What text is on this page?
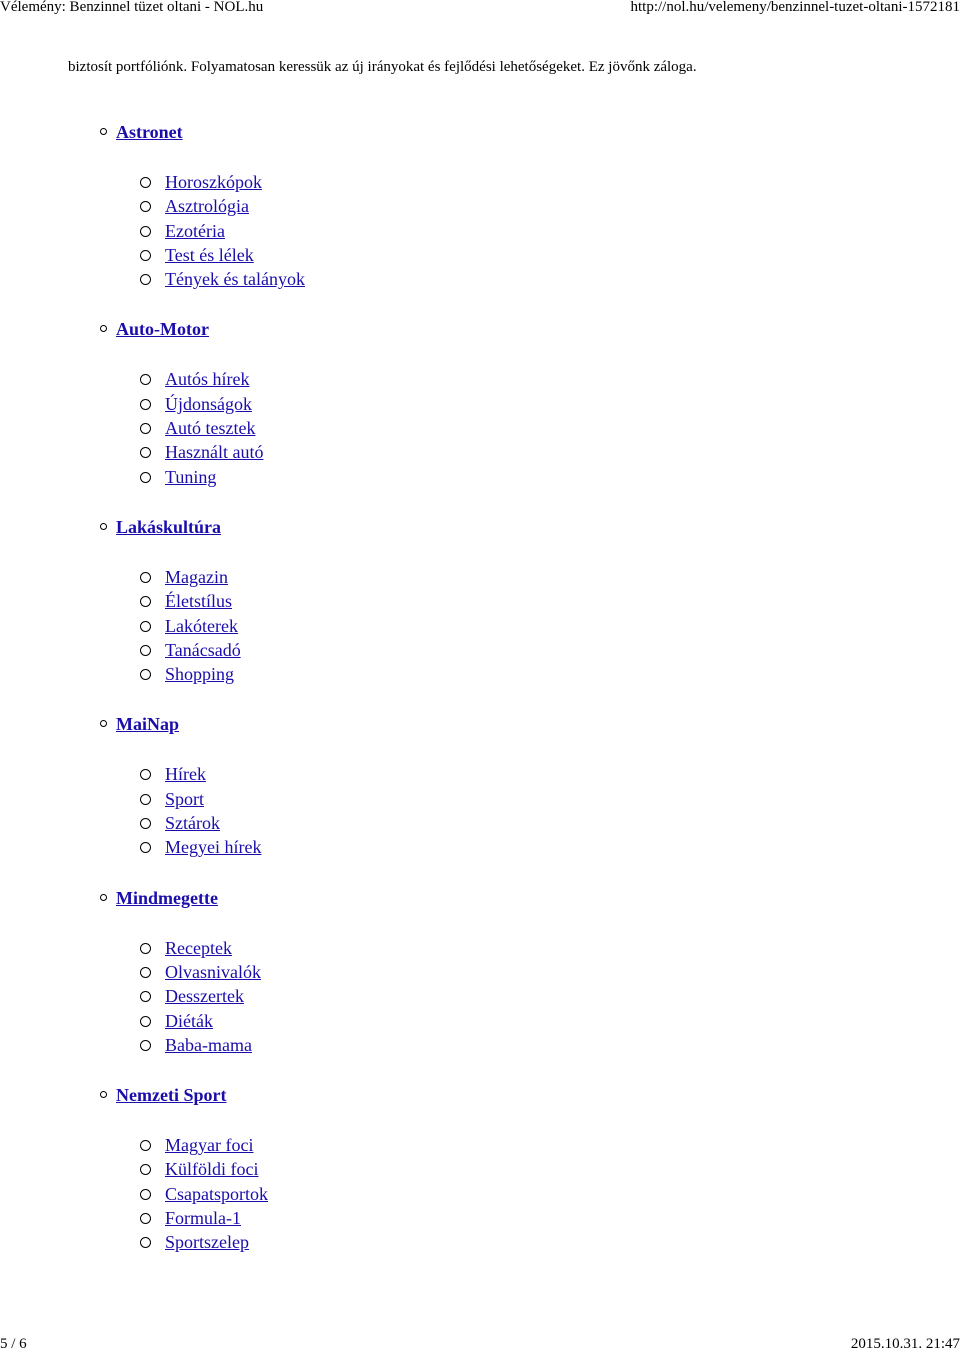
Vélemény: Benzinnel tüzet oltani - NOL.hu	http://nol.hu/velemeny/benzinnel-tuzet-oltani-1572181
biztosít portfóliónk. Folyamatosan keressük az új irányokat és fejlődési lehetőségeket. Ez jövőnk záloga.
Astronet
Horoszkópok
Asztrológia
Ezotéria
Test és lélek
Tények és talányok
Auto-Motor
Autós hírek
Újdonságok
Autó tesztek
Használt autó
Tuning
Lakáskultúra
Magazin
Életstílus
Lakóterek
Tanácsadó
Shopping
MaiNap
Hírek
Sport
Sztárok
Megyei hírek
Mindmegette
Receptek
Olvasnivalók
Desszertek
Diéták
Baba-mama
Nemzeti Sport
Magyar foci
Külföldi foci
Csapatsportok
Formula-1
Sportszelep
5 / 6	2015.10.31. 21:47
